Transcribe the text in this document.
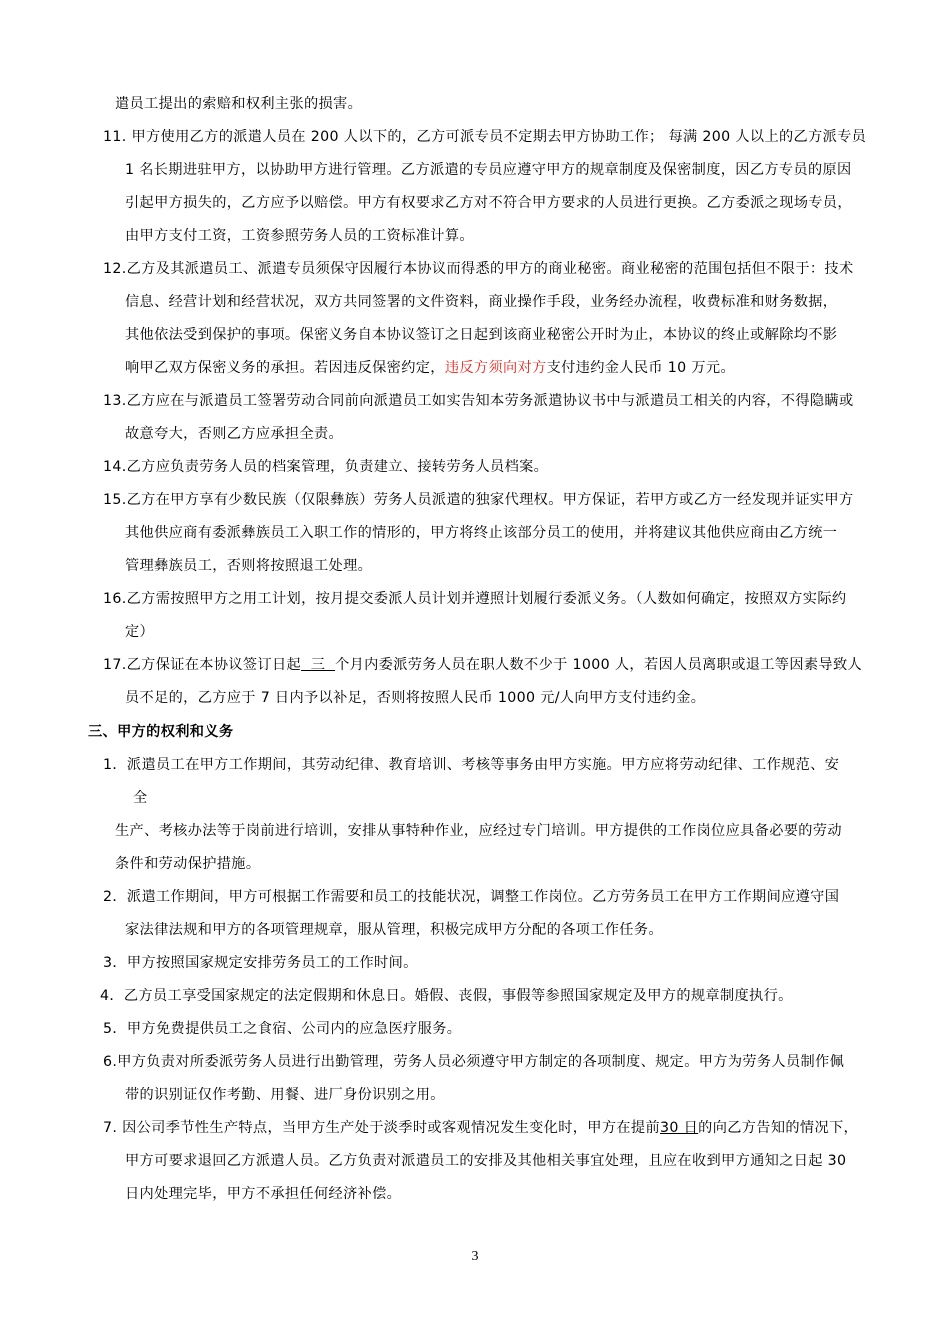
遣员工提出的索赔和权利主张的损害。
11. 甲方使用乙方的派遣人员在 200 人以下的，乙方可派专员不定期去甲方协助工作； 每满 200 人以上的乙方派专员
1 名长期进驻甲方，以协助甲方进行管理。乙方派遣的专员应遵守甲方的规章制度及保密制度，因乙方专员的原因
引起甲方损失的，乙方应予以赔偿。甲方有权要求乙方对不符合甲方要求的人员进行更换。乙方委派之现场专员，
由甲方支付工资，工资参照劳务人员的工资标准计算。
12.乙方及其派遣员工、派遣专员须保守因履行本协议而得悉的甲方的商业秘密。商业秘密的范围包括但不限于：技术
信息、经营计划和经营状况，双方共同签署的文件资料，商业操作手段，业务经办流程，收费标准和财务数据，
其他依法受到保护的事项。保密义务自本协议签订之日起到该商业秘密公开时为止，本协议的终止或解除均不影
响甲乙双方保密义务的承担。若因违反保密约定，违反方须向对方支付违约金人民币 10 万元。
13.乙方应在与派遣员工签署劳动合同前向派遣员工如实告知本劳务派遣协议书中与派遣员工相关的内容，不得隐瞒或
故意夸大，否则乙方应承担全责。
14.乙方应负责劳务人员的档案管理，负责建立、接转劳务人员档案。
15.乙方在甲方享有少数民族（仅限彝族）劳务人员派遣的独家代理权。甲方保证，若甲方或乙方一经发现并证实甲方
其他供应商有委派彝族员工入职工作的情形的，甲方将终止该部分员工的使用，并将建议其他供应商由乙方统一
管理彝族员工，否则将按照退工处理。
16.乙方需按照甲方之用工计划，按月提交委派人员计划并遵照计划履行委派义务。（人数如何确定，按照双方实际约
定）
17.乙方保证在本协议签订日起  三  个月内委派劳务人员在职人数不少于 1000 人，若因人员离职或退工等因素导致人
员不足的，乙方应于 7 日内予以补足，否则将按照人民币 1000 元/人向甲方支付违约金。
三、甲方的权利和义务
1．派遣员工在甲方工作期间，其劳动纪律、教育培训、考核等事务由甲方实施。甲方应将劳动纪律、工作规范、安
全
生产、考核办法等于岗前进行培训，安排从事特种作业，应经过专门培训。甲方提供的工作岗位应具备必要的劳动
条件和劳动保护措施。
2．派遣工作期间，甲方可根据工作需要和员工的技能状况，调整工作岗位。乙方劳务员工在甲方工作期间应遵守国
家法律法规和甲方的各项管理规章，服从管理，积极完成甲方分配的各项工作任务。
3．甲方按照国家规定安排劳务员工的工作时间。
4．乙方员工享受国家规定的法定假期和休息日。婚假、丧假，事假等参照国家规定及甲方的规章制度执行。
5．甲方免费提供员工之食宿、公司内的应急医疗服务。
6.甲方负责对所委派劳务人员进行出勤管理，劳务人员必须遵守甲方制定的各项制度、规定。甲方为劳务人员制作佩
带的识别证仅作考勤、用餐、进厂身份识别之用。
7. 因公司季节性生产特点，当甲方生产处于淡季时或客观情况发生变化时，甲方在提前30 日的向乙方告知的情况下，
甲方可要求退回乙方派遣人员。乙方负责对派遣员工的安排及其他相关事宜处理，且应在收到甲方通知之日起 30
日内处理完毕，甲方不承担任何经济补偿。
3
